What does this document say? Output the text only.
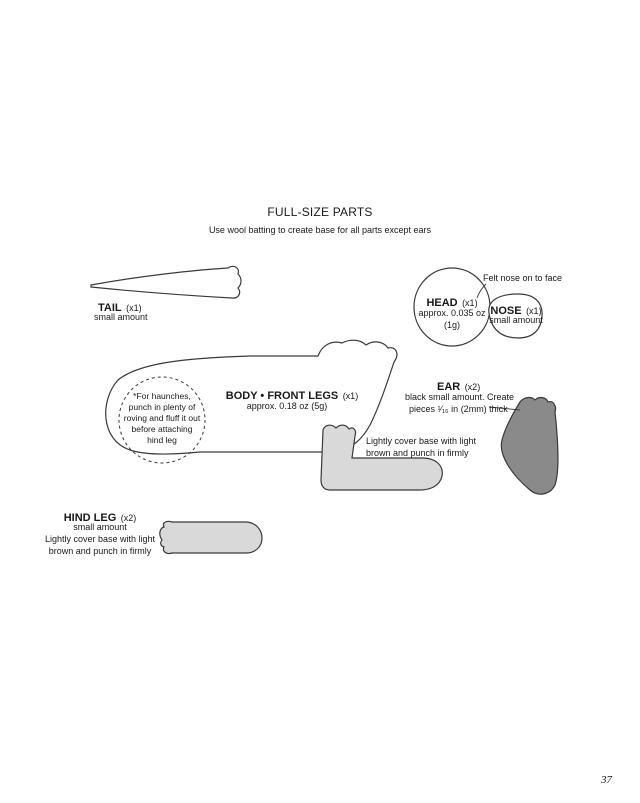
FULL-SIZE PARTS
Use wool batting to create base for all parts except ears
TAIL (x1)
small amount
Felt nose on to face
HEAD (x1)
approx. 0.035 oz
(1g)
NOSE (x1)
small amount
BODY • FRONT LEGS (x1)
approx. 0.18 oz (5g)
*For haunches,
punch in plenty of
roving and fluff it out
before attaching
hind leg	Lightly cover base with light
brown and punch in firmly
EAR (x2)
black small amount. Create
pieces ¹⁄₁₆ in (2mm) thick
HIND LEG (x2)
small amount
Lightly cover base with light
brown and punch in firmly
37
